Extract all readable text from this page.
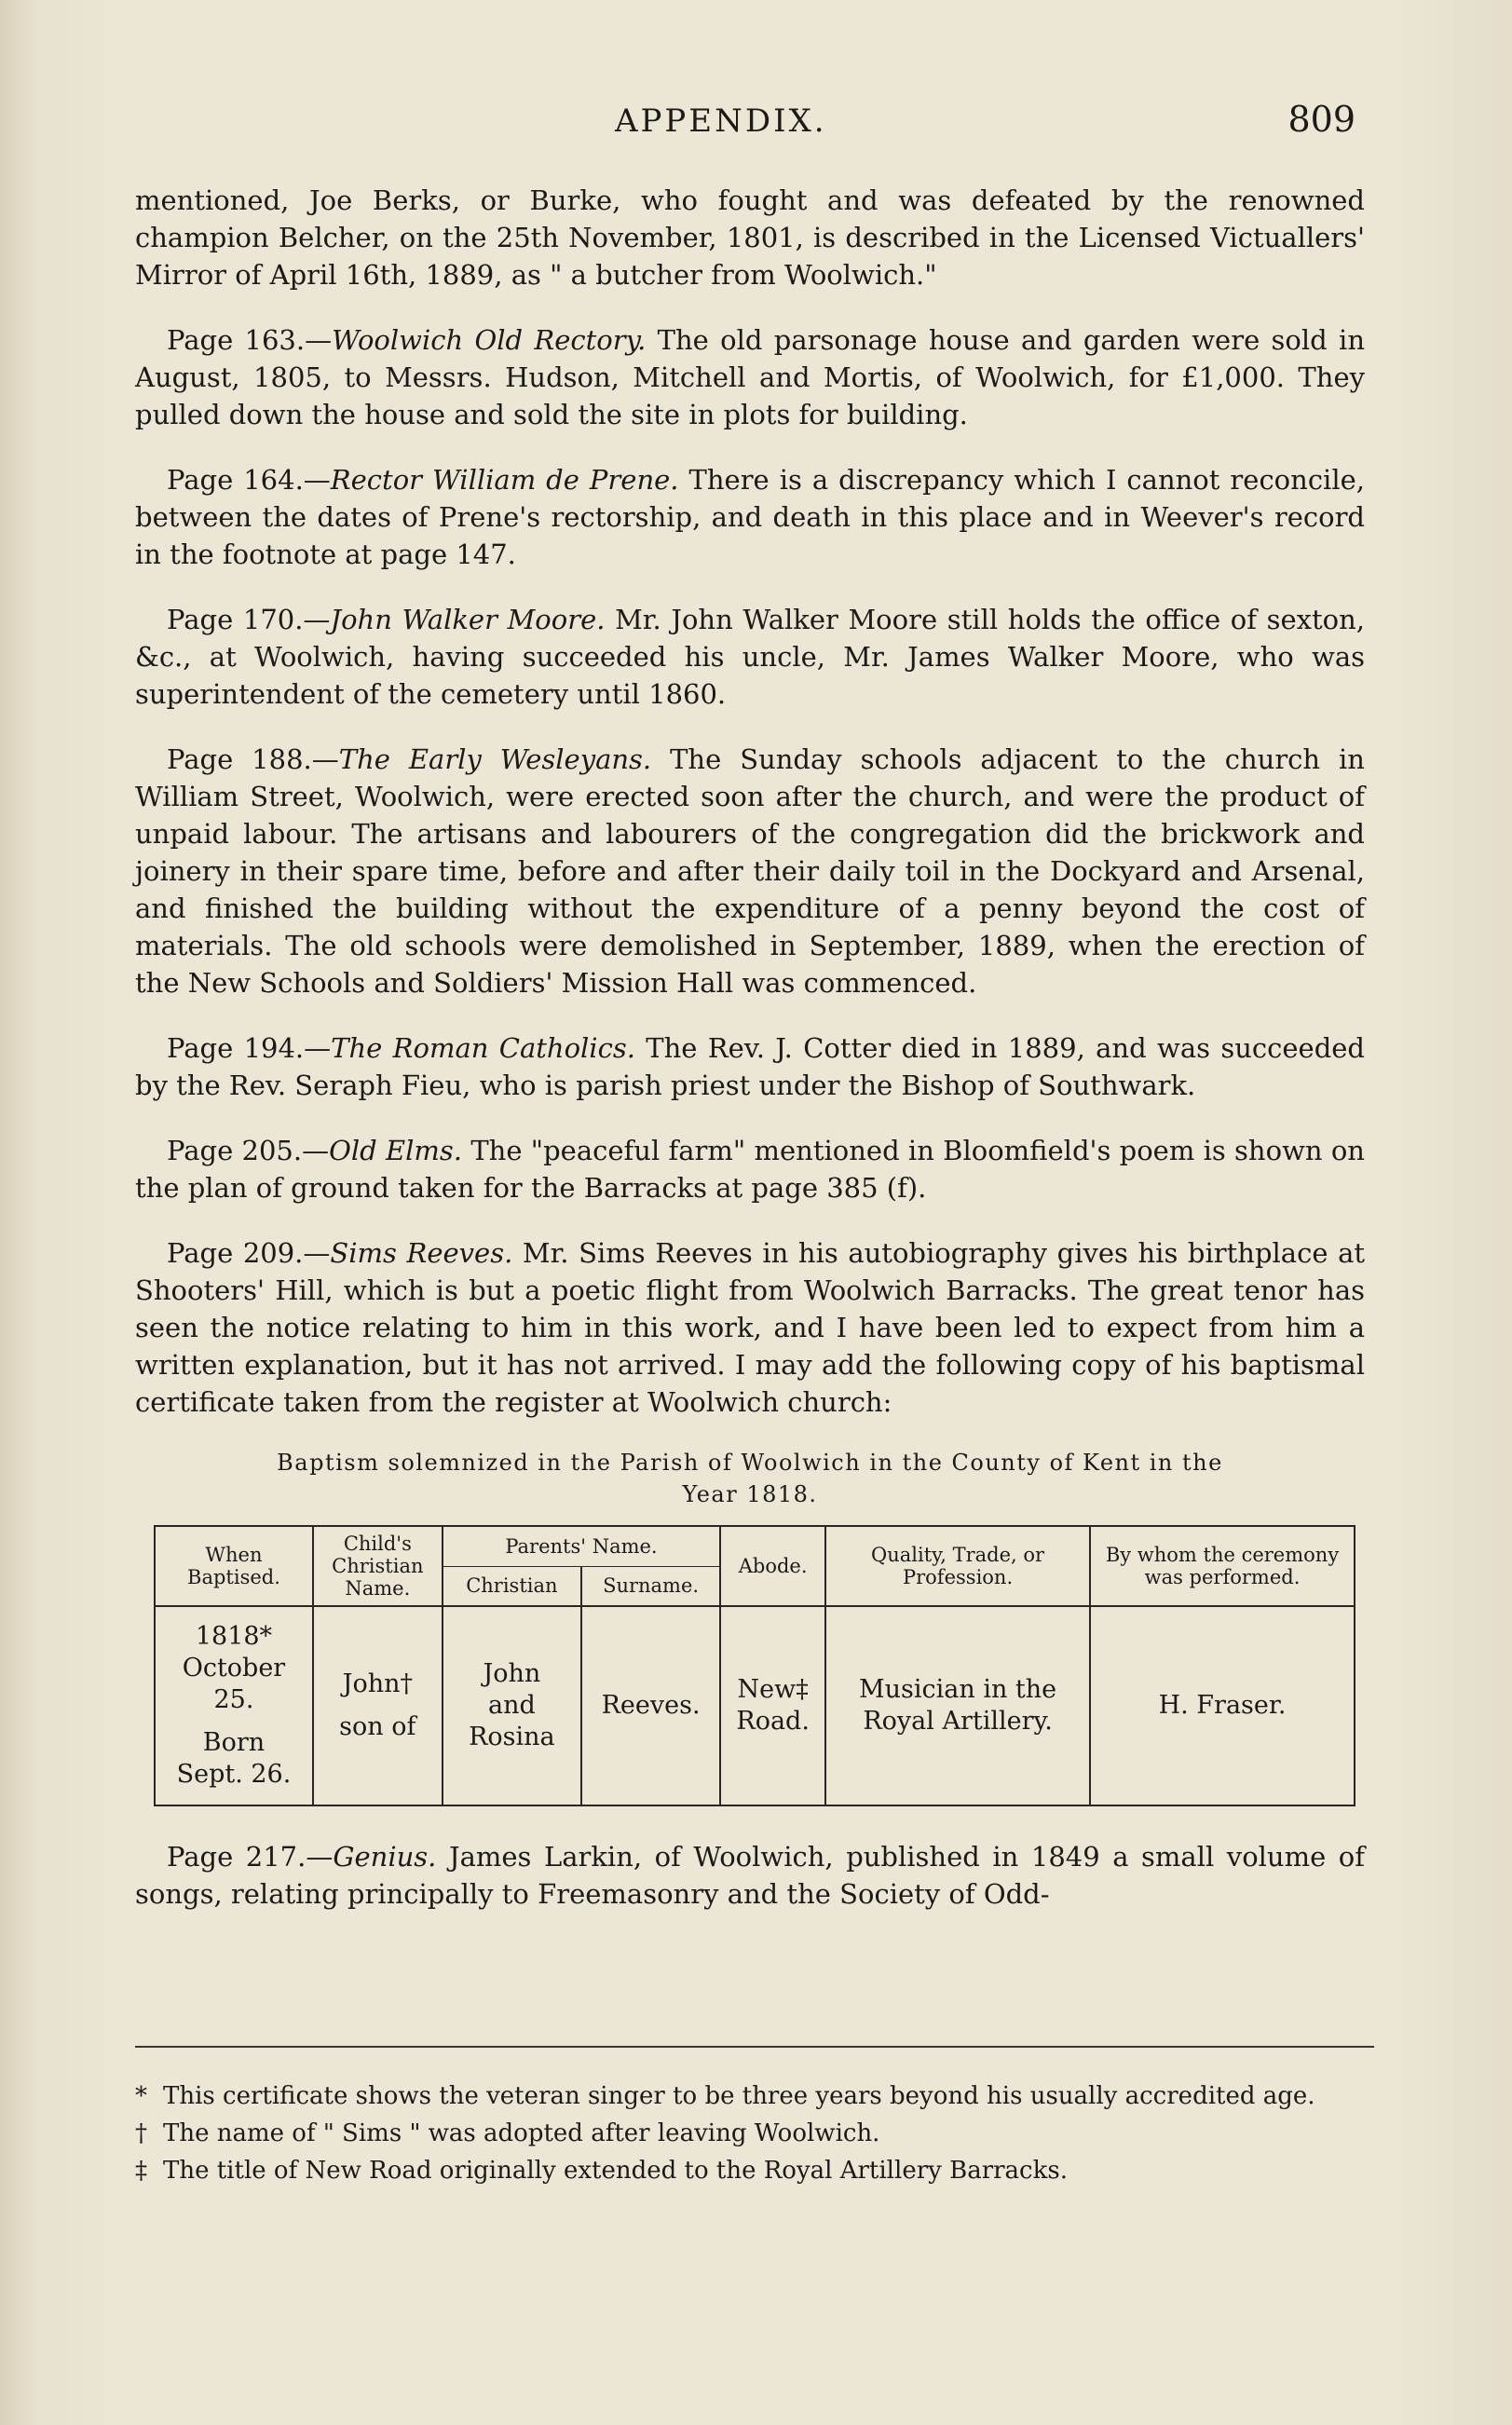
APPENDIX.	809

mentioned, Joe Berks, or Burke, who fought and was defeated by the renowned champion Belcher, on the 25th November, 1801, is described in the Licensed Victuallers' Mirror of April 16th, 1889, as " a butcher from Woolwich."

Page 163.—Woolwich Old Rectory. The old parsonage house and garden were sold in August, 1805, to Messrs. Hudson, Mitchell and Mortis, of Woolwich, for £1,000. They pulled down the house and sold the site in plots for building.

Page 164.—Rector William de Prene. There is a discrepancy which I cannot reconcile, between the dates of Prene's rectorship, and death in this place and in Weever's record in the footnote at page 147.

Page 170.—John Walker Moore. Mr. John Walker Moore still holds the office of sexton, &c., at Woolwich, having succeeded his uncle, Mr. James Walker Moore, who was superintendent of the cemetery until 1860.

Page 188.—The Early Wesleyans. The Sunday schools adjacent to the church in William Street, Woolwich, were erected soon after the church, and were the product of unpaid labour. The artisans and labourers of the congregation did the brickwork and joinery in their spare time, before and after their daily toil in the Dockyard and Arsenal, and finished the building without the expenditure of a penny beyond the cost of materials. The old schools were demolished in September, 1889, when the erection of the New Schools and Soldiers' Mission Hall was commenced.

Page 194.—The Roman Catholics. The Rev. J. Cotter died in 1889, and was succeeded by the Rev. Seraph Fieu, who is parish priest under the Bishop of Southwark.

Page 205.—Old Elms. The "peaceful farm" mentioned in Bloomfield's poem is shown on the plan of ground taken for the Barracks at page 385 (f).

Page 209.—Sims Reeves. Mr. Sims Reeves in his autobiography gives his birthplace at Shooters' Hill, which is but a poetic flight from Woolwich Barracks. The great tenor has seen the notice relating to him in this work, and I have been led to expect from him a written explanation, but it has not arrived. I may add the following copy of his baptismal certificate taken from the register at Woolwich church:

Baptism solemnized in the Parish of Woolwich in the County of Kent in the
Year 1818.
When Baptised.	Child's Christian Name.	Parents' Name.		Abode.	Quality, Trade, or Profession.	By whom the ceremony was performed.
		Christian	Surname.			

1818*
October 25.
Born
Sept. 26.	John†
son of	John
and
Rosina	Reeves.	New‡
Road.	Musician in the
Royal Artillery.	H. Fraser.

Page 217.—Genius. James Larkin, of Woolwich, published in 1849 a small volume of songs, relating principally to Freemasonry and the Society of Odd-

* This certificate shows the veteran singer to be three years beyond his usually accredited age.

† The name of " Sims " was adopted after leaving Woolwich.

‡ The title of New Road originally extended to the Royal Artillery Barracks.
